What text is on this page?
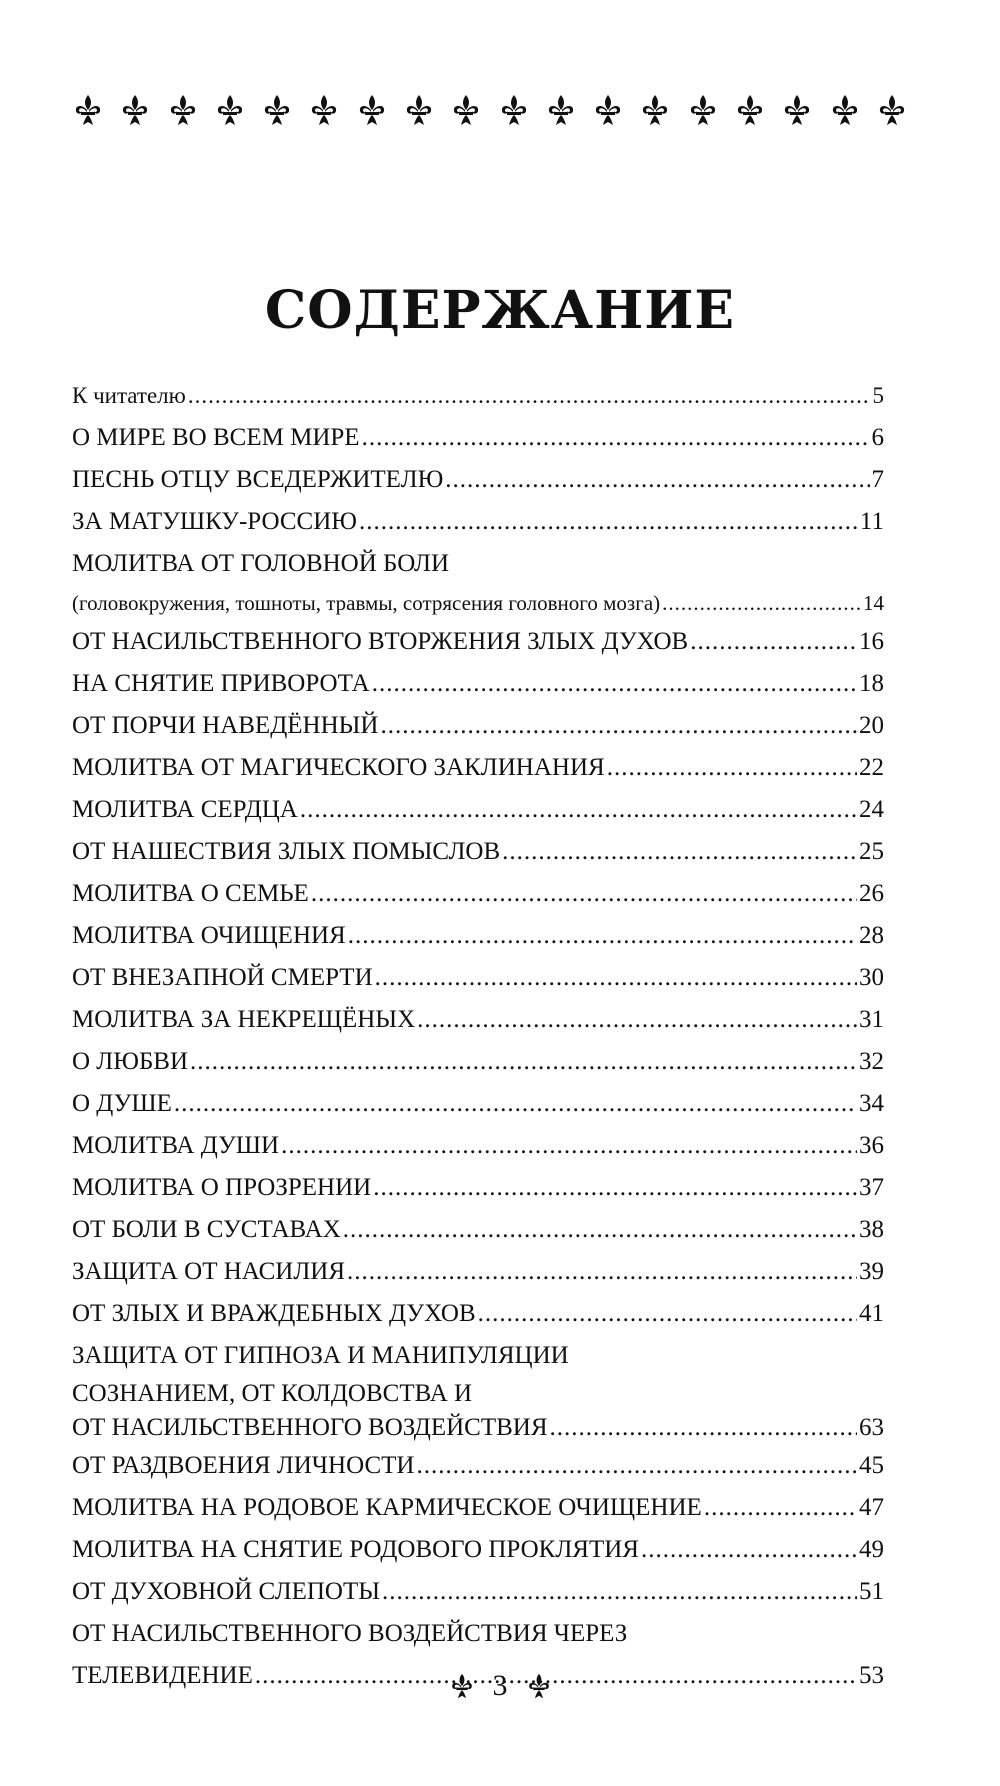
СОДЕРЖАНИЕ
К читателю .....	5
О МИРЕ ВО ВСЕМ МИРЕ .....	6
ПЕСНЬ ОТЦУ ВСЕДЕРЖИТЕЛЮ .....	7
ЗА МАТУШКУ-РОССИЮ .....	11
МОЛИТВА ОТ ГОЛОВНОЙ БОЛИ
(головокружения, тошноты, травмы, сотрясения головного мозга) .....	14
ОТ НАСИЛЬСТВЕННОГО ВТОРЖЕНИЯ ЗЛЫХ ДУХОВ .....	16
НА СНЯТИЕ ПРИВОРОТА .....	18
ОТ ПОРЧИ НАВЕДЁННЫЙ .....	20
МОЛИТВА ОТ МАГИЧЕСКОГО ЗАКЛИНАНИЯ .....	22
МОЛИТВА СЕРДЦА .....	24
ОТ НАШЕСТВИЯ ЗЛЫХ ПОМЫСЛОВ .....	25
МОЛИТВА О СЕМЬЕ .....	26
МОЛИТВА ОЧИЩЕНИЯ .....	28
ОТ ВНЕЗАПНОЙ СМЕРТИ .....	30
МОЛИТВА ЗА НЕКРЕЩЁНЫХ .....	31
О ЛЮБВИ .....	32
О ДУШЕ .....	34
МОЛИТВА ДУШИ .....	36
МОЛИТВА О ПРОЗРЕНИИ .....	37
ОТ БОЛИ В СУСТАВАХ .....	38
ЗАЩИТА ОТ НАСИЛИЯ .....	39
ОТ ЗЛЫХ И ВРАЖДЕБНЫХ ДУХОВ .....	41
ЗАЩИТА ОТ ГИПНОЗА И МАНИПУЛЯЦИИ
СОЗНАНИЕМ, ОТ КОЛДОВСТВА И
ОТ НАСИЛЬСТВЕННОГО ВОЗДЕЙСТВИЯ .....	63
ОТ РАЗДВОЕНИЯ ЛИЧНОСТИ .....	45
МОЛИТВА НА РОДОВОЕ КАРМИЧЕСКОЕ ОЧИЩЕНИЕ .....	47
МОЛИТВА НА СНЯТИЕ РОДОВОГО ПРОКЛЯТИЯ .....	49
ОТ ДУХОВНОЙ СЛЕПОТЫ .....	51
ОТ НАСИЛЬСТВЕННОГО ВОЗДЕЙСТВИЯ ЧЕРЕЗ
ТЕЛЕВИДЕНИЕ .....	53
3
